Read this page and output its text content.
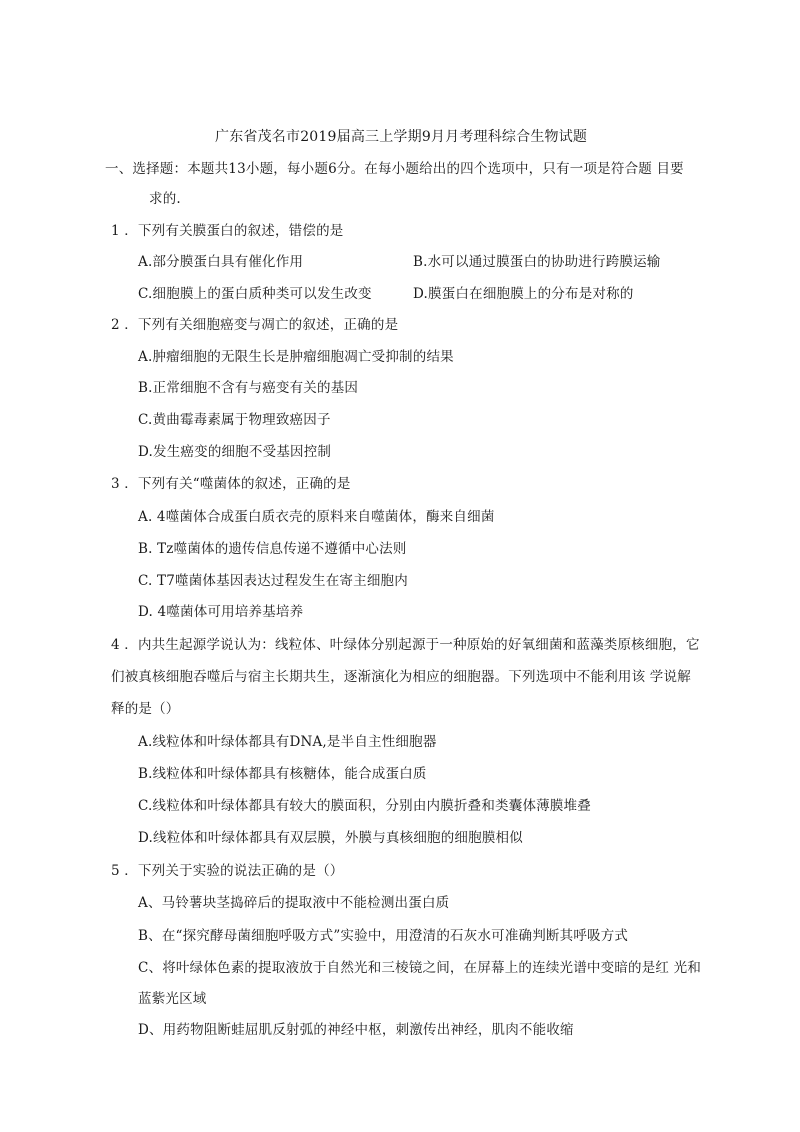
广东省茂名市2019届高三上学期9月月考理科综合生物试题
一、选择题：本题共13小题，每小题6分。在每小题给出的四个选项中，只有一项是符合题 目要
求的.
1 ．下列有关膜蛋白的叙述，错偿的是
A.部分膜蛋白具有催化作用	B.水可以通过膜蛋白的协助进行跨膜运输
C.细胞膜上的蛋白质种类可以发生改变	D.膜蛋白在细胞膜上的分布是对称的
2 ．下列有关细胞癌变与凋亡的叙述，正确的是
A.肿瘤细胞的无限生长是肿瘤细胞凋亡受抑制的结果
B.正常细胞不含有与癌变有关的基因
C.黄曲霉毒素属于物理致癌因子
D.发生癌变的细胞不受基因控制
3 ．下列有关“噬菌体的叙述，正确的是
A. 4噬菌体合成蛋白质衣壳的原料来自噬菌体，酶来自细菌
B. Tz噬菌体的遗传信息传递不遵循中心法则
C. T7噬菌体基因表达过程发生在寄主细胞内
D. 4噬菌体可用培养基培养
4 ．内共生起源学说认为：线粒体、叶绿体分别起源于一种原始的好氧细菌和蓝藻类原核细胞，它
们被真核细胞吞噬后与宿主长期共生，逐渐演化为相应的细胞器。下列选项中不能利用该 学说解
释的是（）
A.线粒体和叶绿体都具有DNA,是半自主性细胞器
B.线粒体和叶绿体都具有核糖体，能合成蛋白质
C.线粒体和叶绿体都具有较大的膜面积，分别由内膜折叠和类囊体薄膜堆叠
D.线粒体和叶绿体都具有双层膜，外膜与真核细胞的细胞膜相似
5 ．下列关于实验的说法正确的是（）
A、马铃薯块茎捣碎后的提取液中不能检测出蛋白质
B、在“探究酵母菌细胞呼吸方式”实验中，用澄清的石灰水可准确判断其呼吸方式
C、将叶绿体色素的提取液放于自然光和三棱镜之间，在屏幕上的连续光谱中变暗的是红 光和
蓝紫光区域
D、用药物阻断蛙屈肌反射弧的神经中枢，刺激传出神经，肌肉不能收缩
